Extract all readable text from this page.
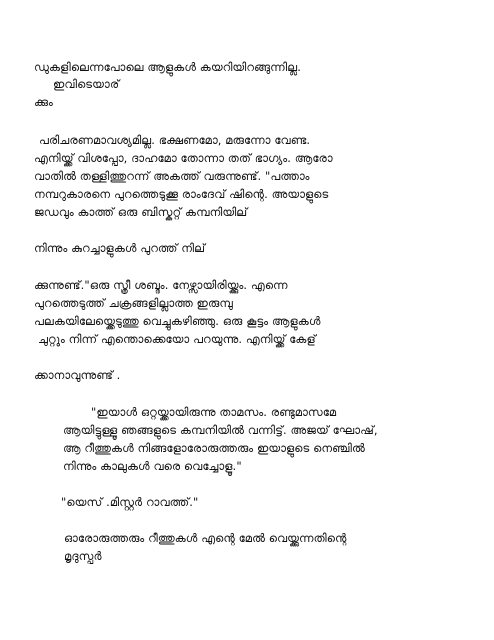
ഡുകളിലെന്നപോലെ ആളുകൾ കയറിയിറങ്ങുന്നില്ല.

ഇവിടെയാര്

ക്കും

പരിചരണമാവശ്യമില്ല. ഭക്ഷണമോ, മരുന്നോ വേണ്ട.

എനിയ്ക്ക് വിശപ്പോ, ദാഹമോ തോന്നാ തത് ഭാഗ്യം. ആരോ

വാതിൽ തള്ളിത്തുറന്ന് അകത്ത് വരുന്നുണ്ട്. "പത്താം

നമ്പറുകാരനെ പുറത്തെടുക്കൂ രാംദേവ് ഷിന്റെ. അയാളുടെ

ജഡവും കാത്ത് ഒരു ബിസ്കറ്റ് കമ്പനിയില്

നിന്നും കുറച്ചാളുകൾ പുറത്ത് നില്

ക്കുന്നുണ്ട്."ഒരു സ്ത്രീ ശബ്ദം. നേഴ്സായിരിയ്ക്കും. എന്നെ

പുറത്തെടുത്ത് ചക്രങ്ങളില്ലാത്ത ഇരുമ്പു

പലകയിലേയ്ക്കെടുത്തു വെച്ചുകഴിഞ്ഞു. ഒരു കൂട്ടം ആളുകൾ

ചുറ്റും നിന്ന് എന്തൊക്കെയോ പറയുന്നു. എനിയ്ക്ക് കേള്

ക്കാനാവുന്നുണ്ട് .

"ഇയാൾ ഒറ്റയ്ക്കായിരുന്നു താമസം. രണ്ടുമാസമേ

ആയിട്ടുള്ളൂ ഞങ്ങളുടെ കമ്പനിയിൽ വന്നിട്ട്. അജയ് ഘോഷ്,

ആ റീത്തുകൾ നിങ്ങളോരോരുത്തരും ഇയാളുടെ നെഞ്ചിൽ

നിന്നും കാലുകൾ വരെ വെച്ചോളൂ."

"യെസ് .മിസ്റ്റർ റാവത്ത്."

ഓരോരുത്തരും റീത്തുകൾ എന്റെ മേൽ വെയ്ക്കുന്നതിന്റെ

മൃദുസ്പർ
